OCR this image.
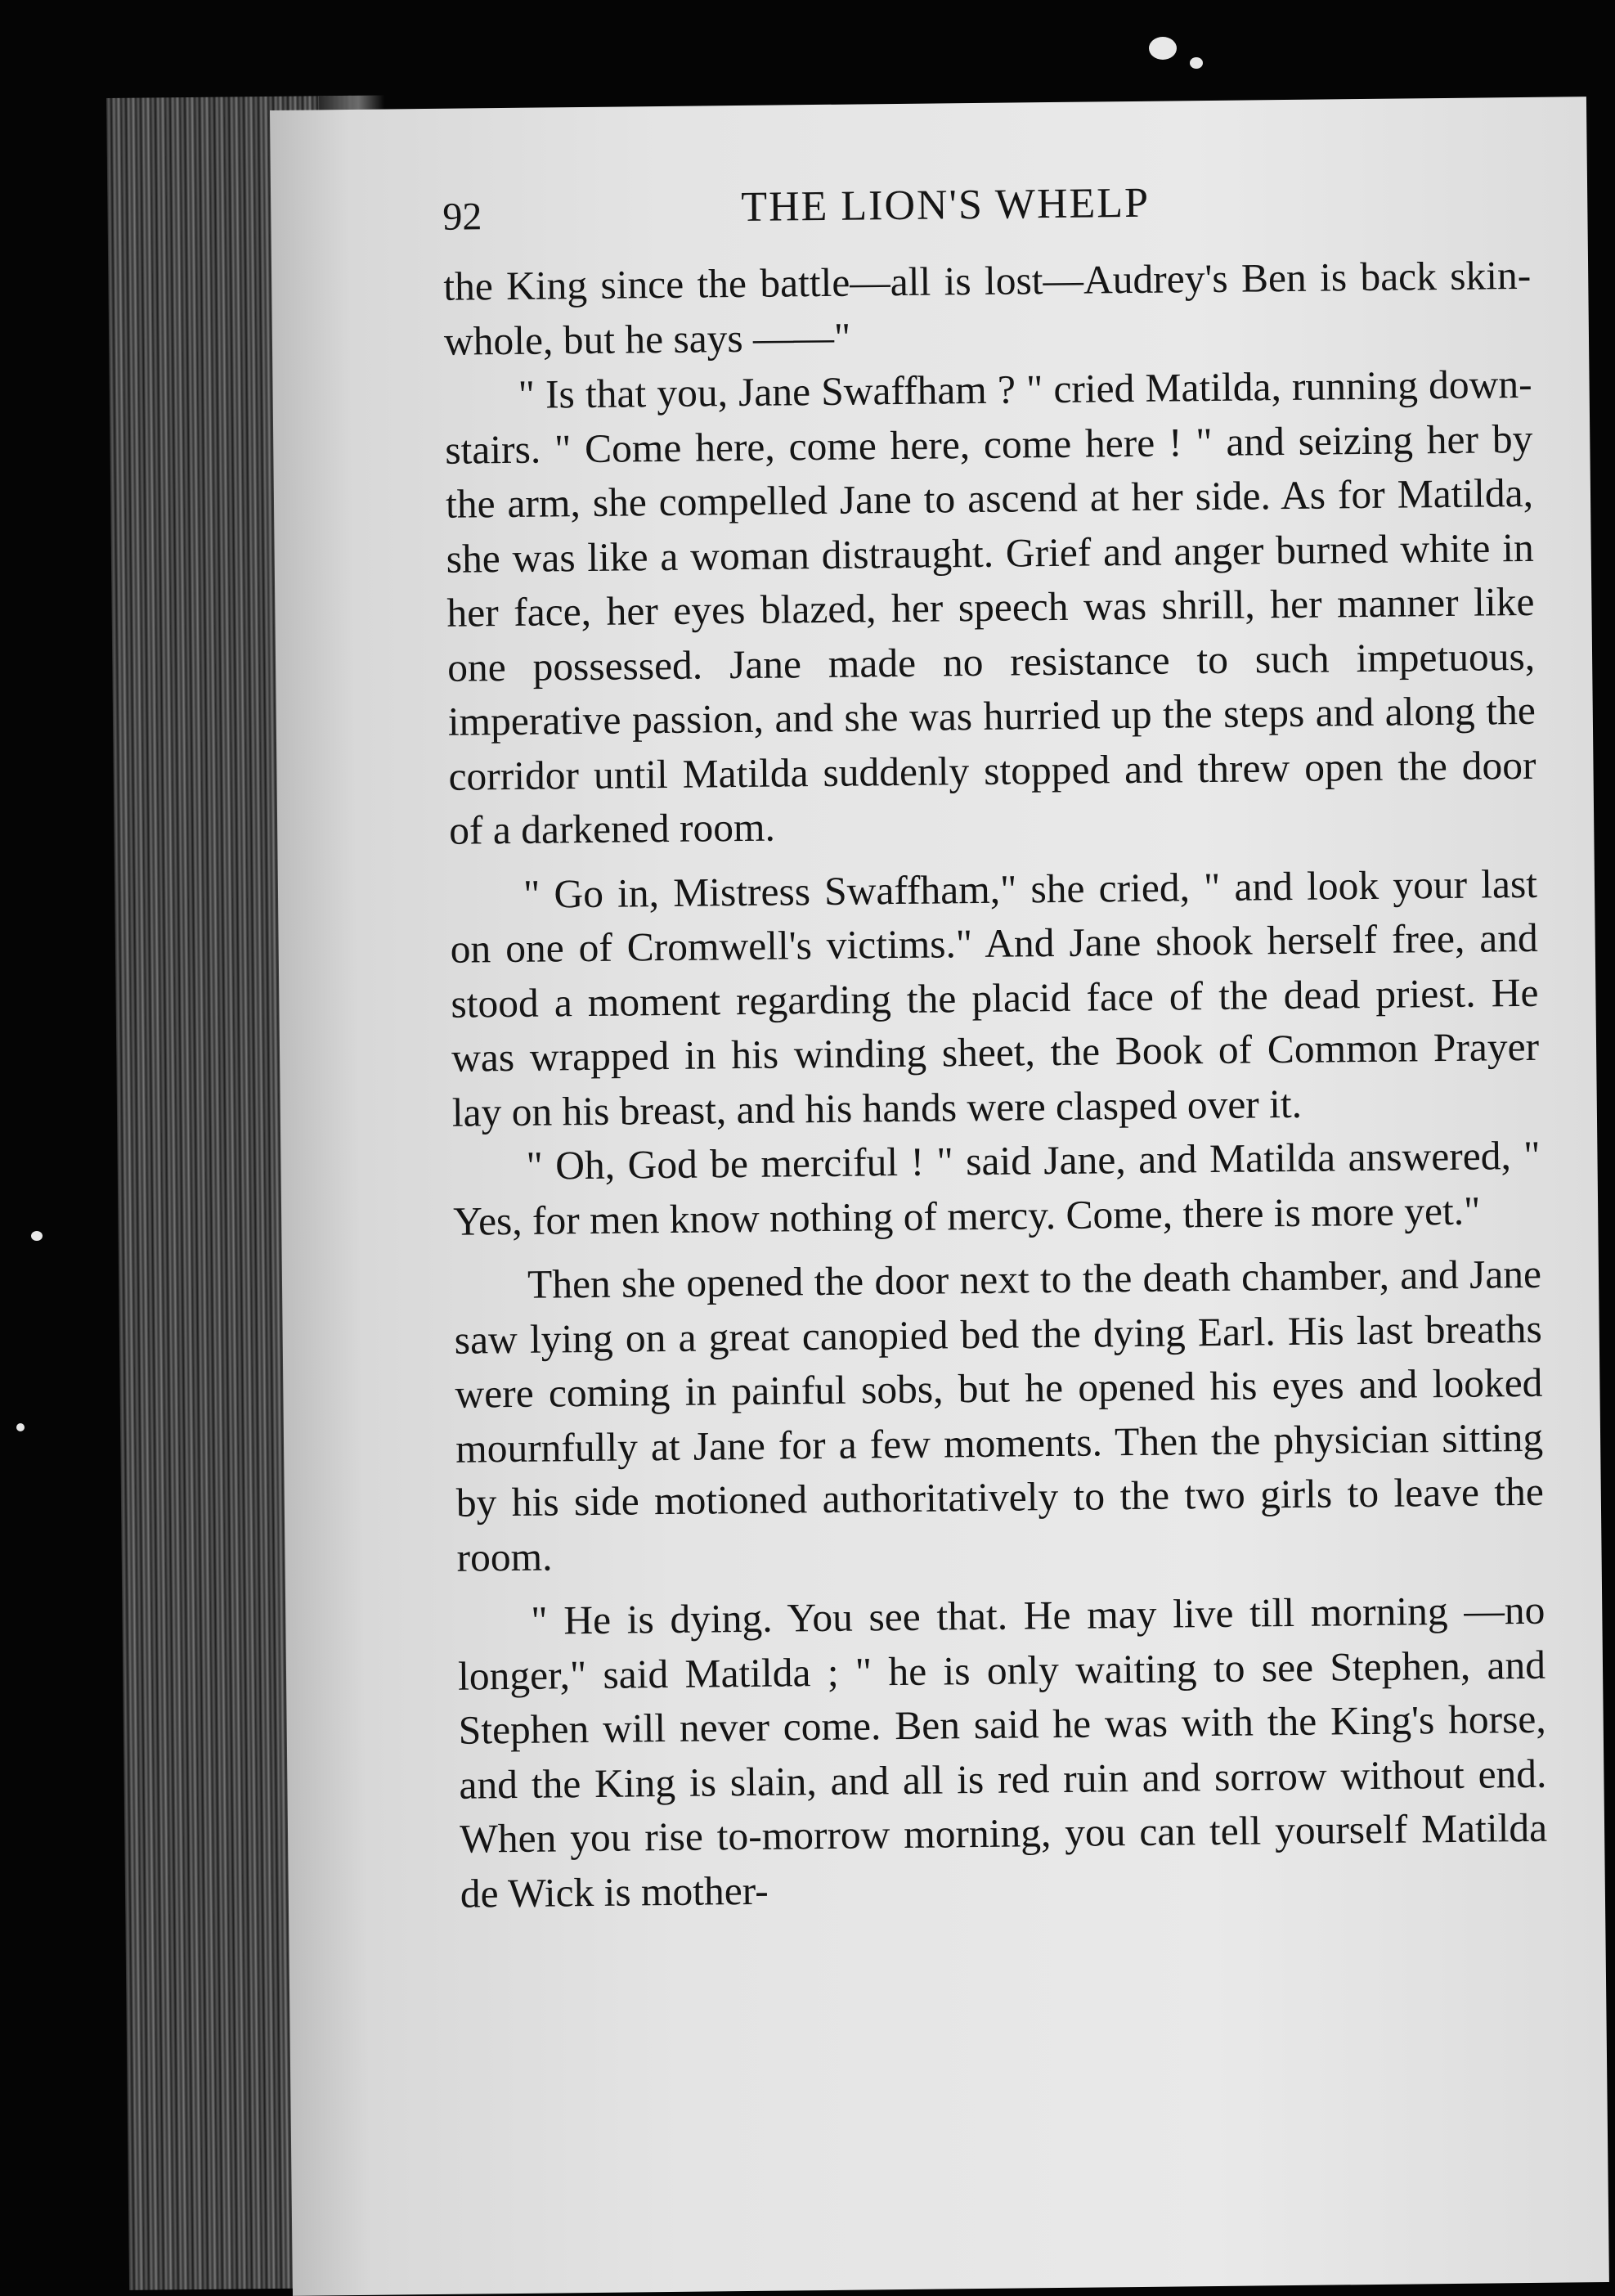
92	THE LION'S WHELP

the King since the battle—all is lost—Audrey's Ben is back skin-whole, but he says ——"

" Is that you, Jane Swaffham ? " cried Matilda, running down-stairs. " Come here, come here, come here ! " and seizing her by the arm, she compelled Jane to ascend at her side. As for Matilda, she was like a woman distraught. Grief and anger burned white in her face, her eyes blazed, her speech was shrill, her manner like one possessed. Jane made no resistance to such impetuous, imperative passion, and she was hurried up the steps and along the corridor until Matilda suddenly stopped and threw open the door of a darkened room.

" Go in, Mistress Swaffham," she cried, " and look your last on one of Cromwell's victims." And Jane shook herself free, and stood a moment regarding the placid face of the dead priest. He was wrapped in his winding sheet, the Book of Common Prayer lay on his breast, and his hands were clasped over it.

" Oh, God be merciful ! " said Jane, and Matilda answered, " Yes, for men know nothing of mercy. Come, there is more yet."

Then she opened the door next to the death chamber, and Jane saw lying on a great canopied bed the dying Earl. His last breaths were coming in painful sobs, but he opened his eyes and looked mournfully at Jane for a few moments. Then the physician sitting by his side motioned authoritatively to the two girls to leave the room.

" He is dying. You see that. He may live till morning —no longer," said Matilda ; " he is only waiting to see Stephen, and Stephen will never come. Ben said he was with the King's horse, and the King is slain, and all is red ruin and sorrow without end. When you rise to-morrow morning, you can tell yourself Matilda de Wick is mother-
